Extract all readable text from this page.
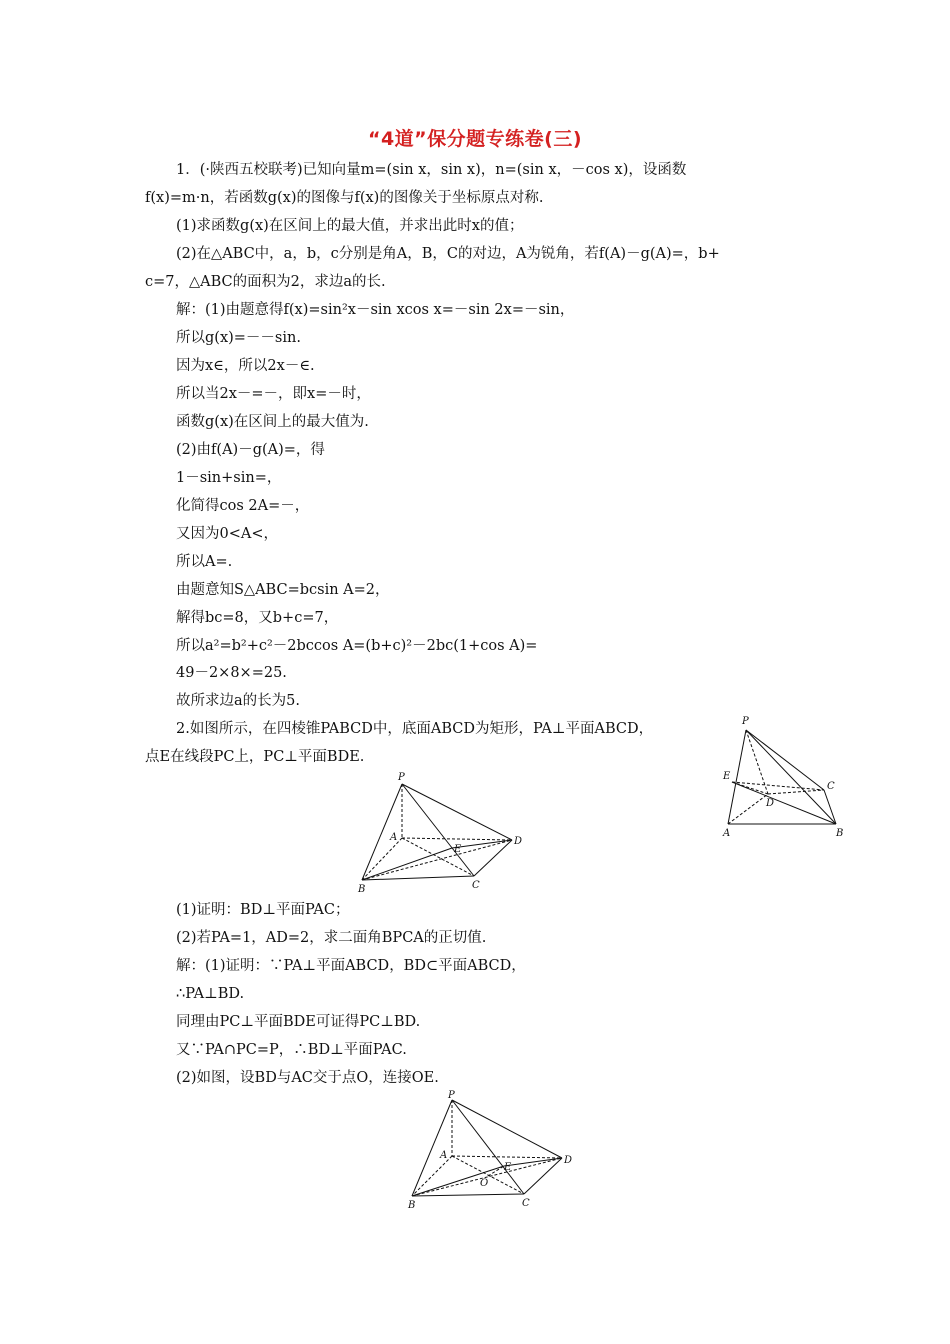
“4道”保分题专练卷(三)
1．(·陕西五校联考)已知向量m=(sin x，sin x)，n=(sin x，－cos x)，设函数
f(x)=m·n，若函数g(x)的图像与f(x)的图像关于坐标原点对称.
(1)求函数g(x)在区间上的最大值，并求出此时x的值；
(2)在△ABC中，a，b，c分别是角A，B，C的对边，A为锐角，若f(A)－g(A)=，b+
c=7，△ABC的面积为2，求边a的长.
解：(1)由题意得f(x)=sin²x－sin xcos x=－sin 2x=－sin，
所以g(x)=－－sin.
因为x∈，所以2x－∈.
所以当2x－=－，即x=－时，
函数g(x)在区间上的最大值为.
(2)由f(A)－g(A)=，得
1－sin+sin=，
化简得cos 2A=－，
又因为0<A<，
所以A=.
由题意知S△ABC=bcsin A=2，
解得bc=8，又b+c=7，
所以a²=b²+c²－2bccos A=(b+c)²－2bc(1+cos A)=
49－2×8×=25.
故所求边a的长为5.
2.如图所示，在四棱锥PABCD中，底面ABCD为矩形，PA⊥平面ABCD，
点E在线段PC上，PC⊥平面BDE.
(1)证明：BD⊥平面PAC；
(2)若PA=1，AD=2，求二面角BPCA的正切值.
解：(1)证明：∵PA⊥平面ABCD，BD⊂平面ABCD，
∴PA⊥BD.
同理由PC⊥平面BDE可证得PC⊥BD.
又∵PA∩PC=P，∴BD⊥平面PAC.
(2)如图，设BD与AC交于点O，连接OE.
P
E
D
C
A	B
P
A
E
D
B	C
P
A
E
D
O
B	C
